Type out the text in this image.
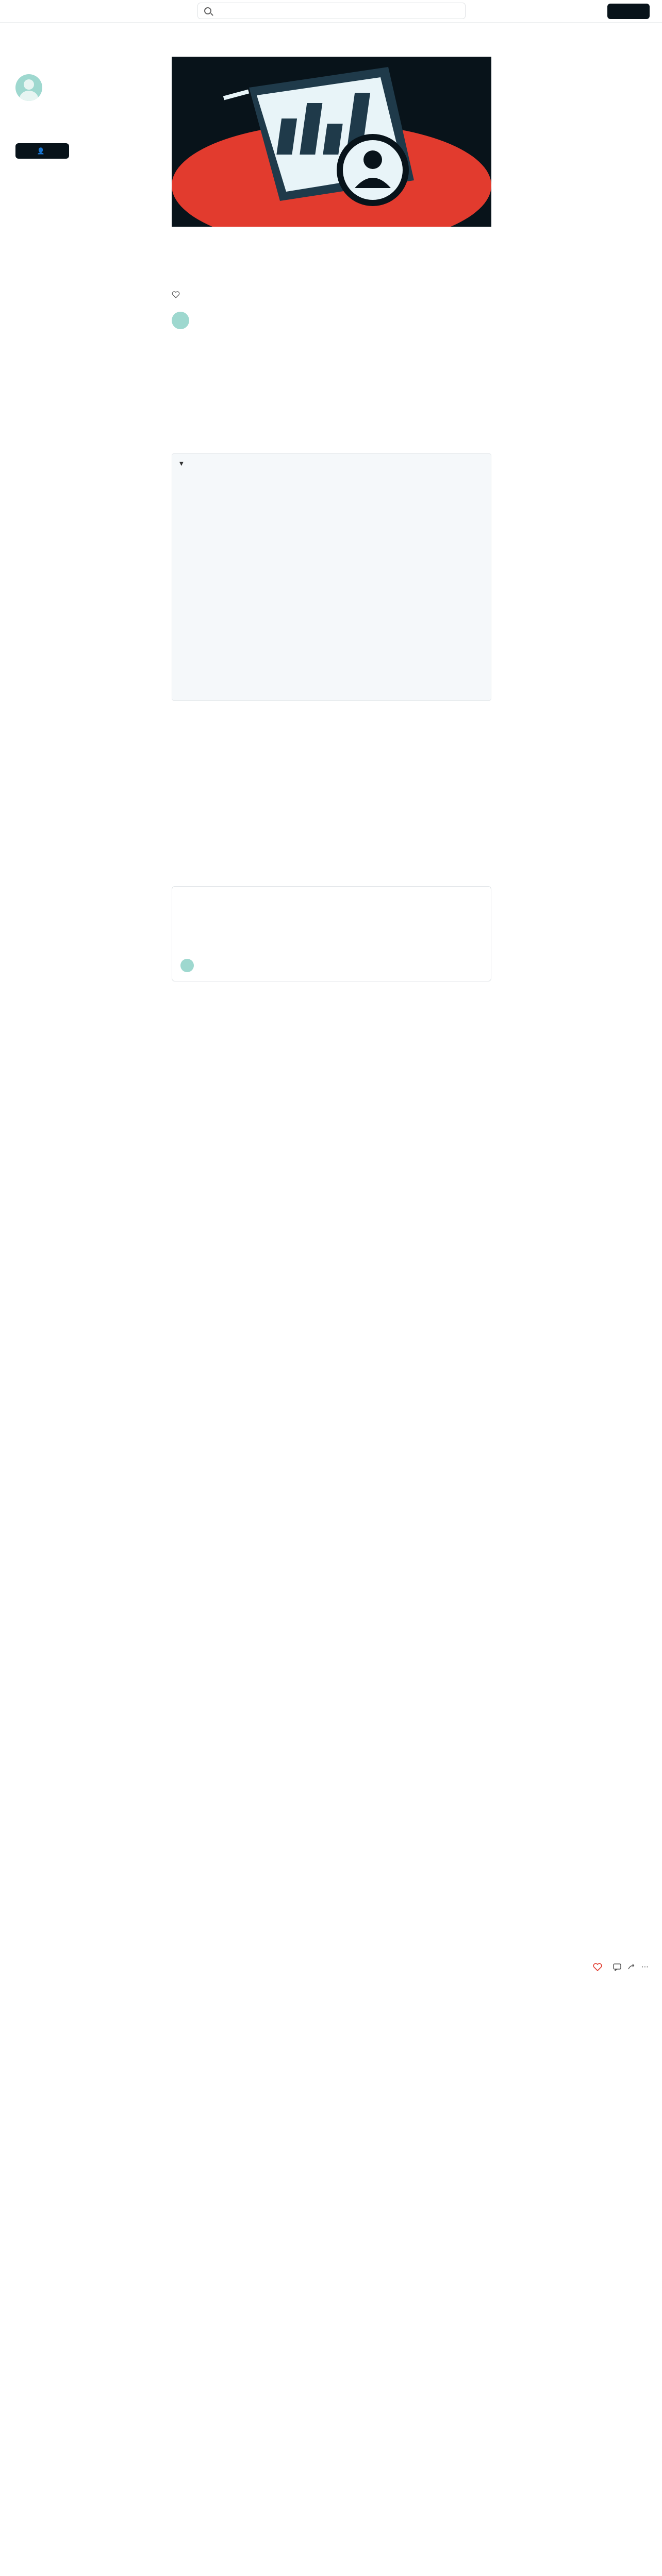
👤
▼
⋯
